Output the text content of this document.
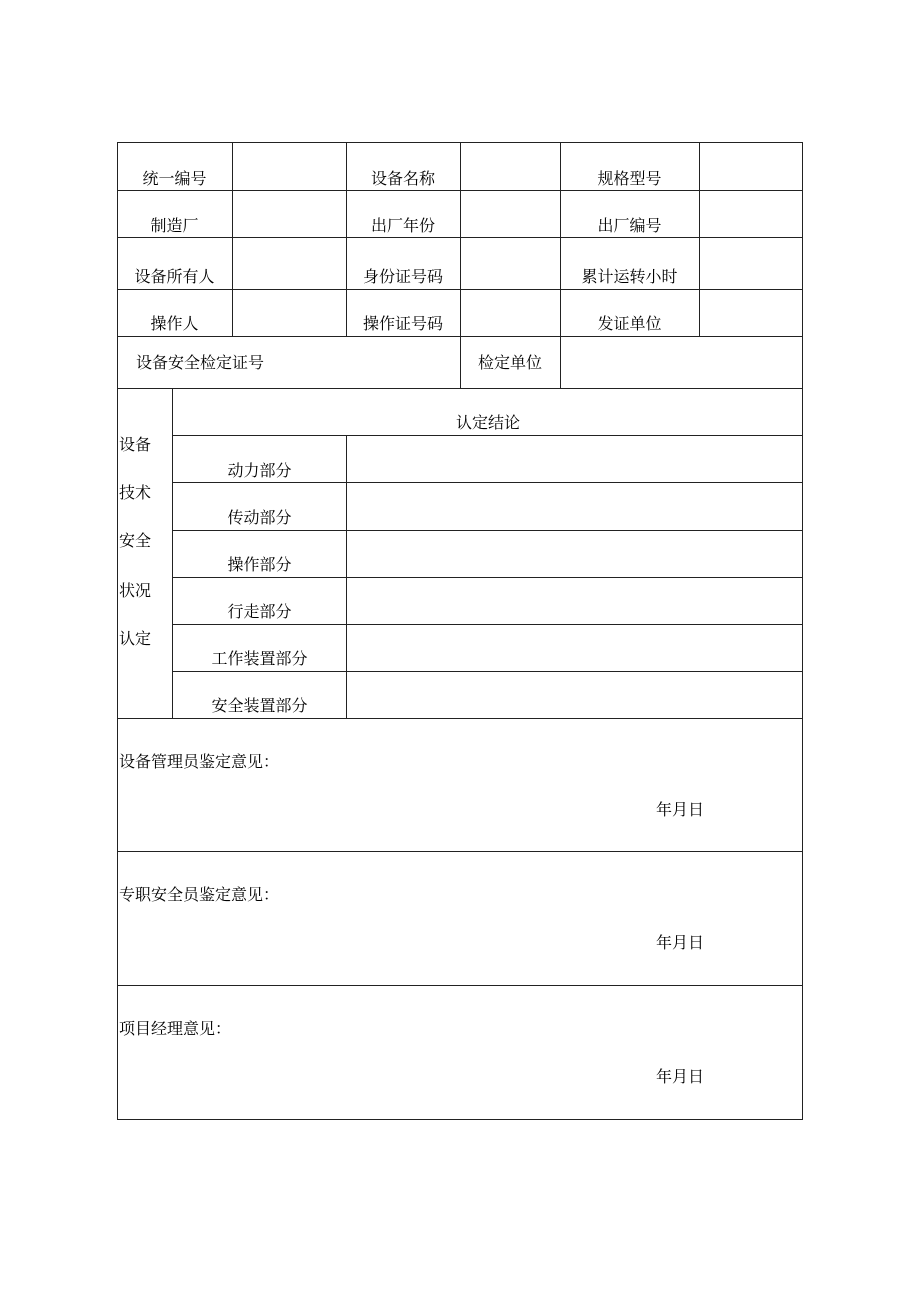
统一编号	设备名称	规格型号
制造厂	出厂年份	出厂编号
设备所有人	身份证号码	累计运转小时
操作人	操作证号码	发证单位
设备安全检定证号	检定单位
设备
技术
安全
状况
认定
认定结论
动力部分
传动部分
操作部分
行走部分
工作装置部分
安全装置部分
设备管理员鉴定意见：
年月日
专职安全员鉴定意见：
年月日
项目经理意见：
年月日
